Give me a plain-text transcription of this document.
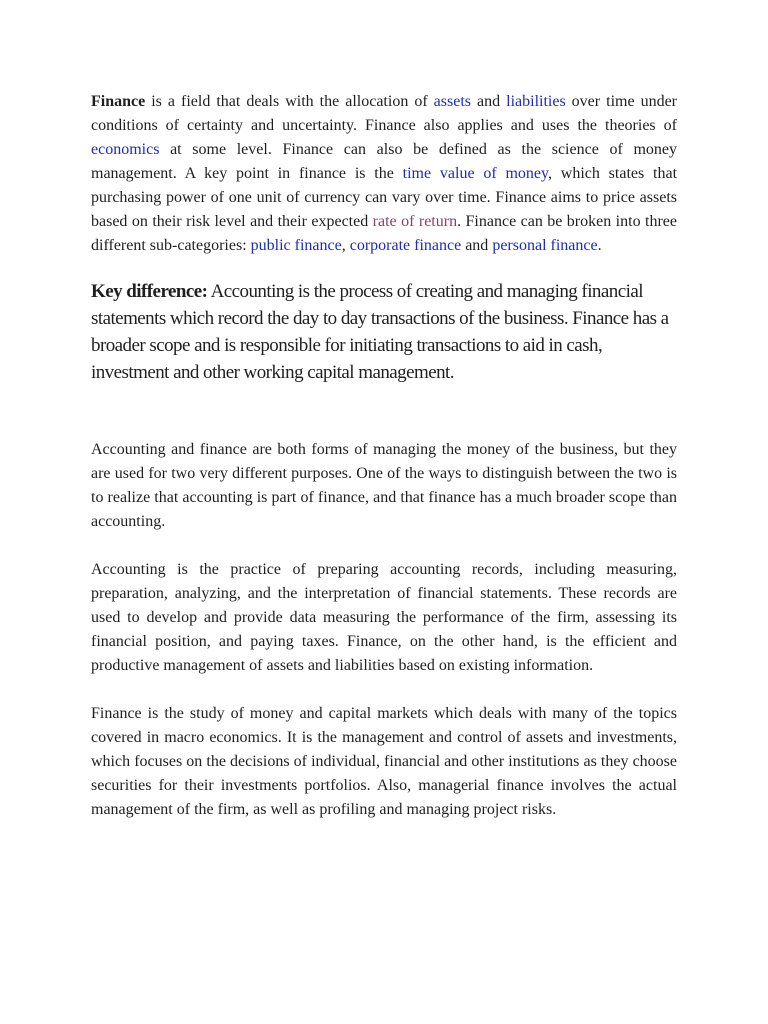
Finance is a field that deals with the allocation of assets and liabilities over time under conditions of certainty and uncertainty. Finance also applies and uses the theories of economics at some level. Finance can also be defined as the science of money management. A key point in finance is the time value of money, which states that purchasing power of one unit of currency can vary over time. Finance aims to price assets based on their risk level and their expected rate of return. Finance can be broken into three different sub-categories: public finance, corporate finance and personal finance.

Key difference: Accounting is the process of creating and managing financial statements which record the day to day transactions of the business. Finance has a broader scope and is responsible for initiating transactions to aid in cash, investment and other working capital management.

Accounting and finance are both forms of managing the money of the business, but they are used for two very different purposes. One of the ways to distinguish between the two is to realize that accounting is part of finance, and that finance has a much broader scope than accounting.

Accounting is the practice of preparing accounting records, including measuring, preparation, analyzing, and the interpretation of financial statements. These records are used to develop and provide data measuring the performance of the firm, assessing its financial position, and paying taxes. Finance, on the other hand, is the efficient and productive management of assets and liabilities based on existing information.

Finance is the study of money and capital markets which deals with many of the topics covered in macro economics. It is the management and control of assets and investments, which focuses on the decisions of individual, financial and other institutions as they choose securities for their investments portfolios. Also, managerial finance involves the actual management of the firm, as well as profiling and managing project risks.
